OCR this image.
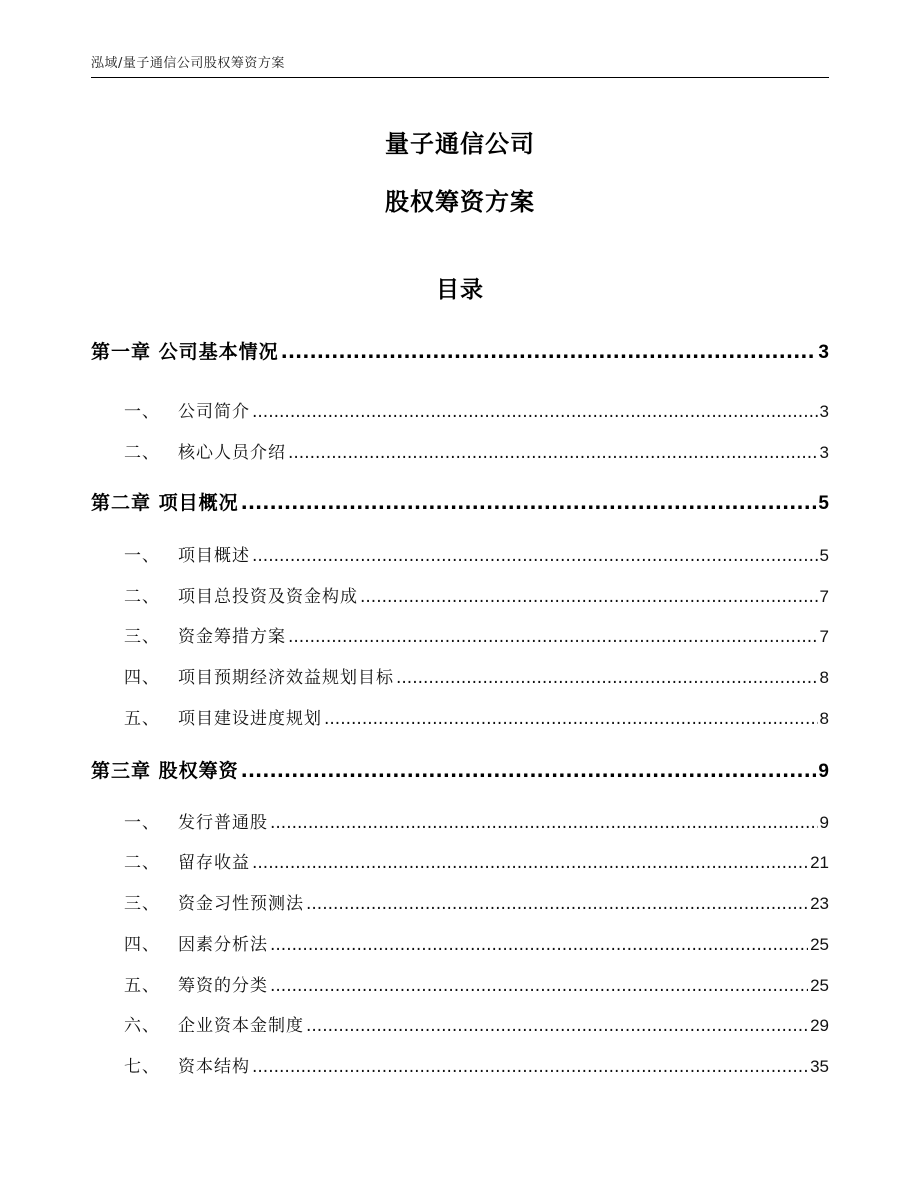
泓域/量子通信公司股权筹资方案
量子通信公司
股权筹资方案
目录
第一章 公司基本情况 .....	3
一、 公司简介 .....	3
二、 核心人员介绍 .....	3
第二章 项目概况 .....	5
一、 项目概述 .....	5
二、 项目总投资及资金构成 .....	7
三、 资金筹措方案 .....	7
四、 项目预期经济效益规划目标 .....	8
五、 项目建设进度规划 .....	8
第三章 股权筹资 .....	9
一、 发行普通股 .....	9
二、 留存收益 .....	21
三、 资金习性预测法 .....	23
四、 因素分析法 .....	25
五、 筹资的分类 .....	25
六、 企业资本金制度 .....	29
七、 资本结构 .....	35
